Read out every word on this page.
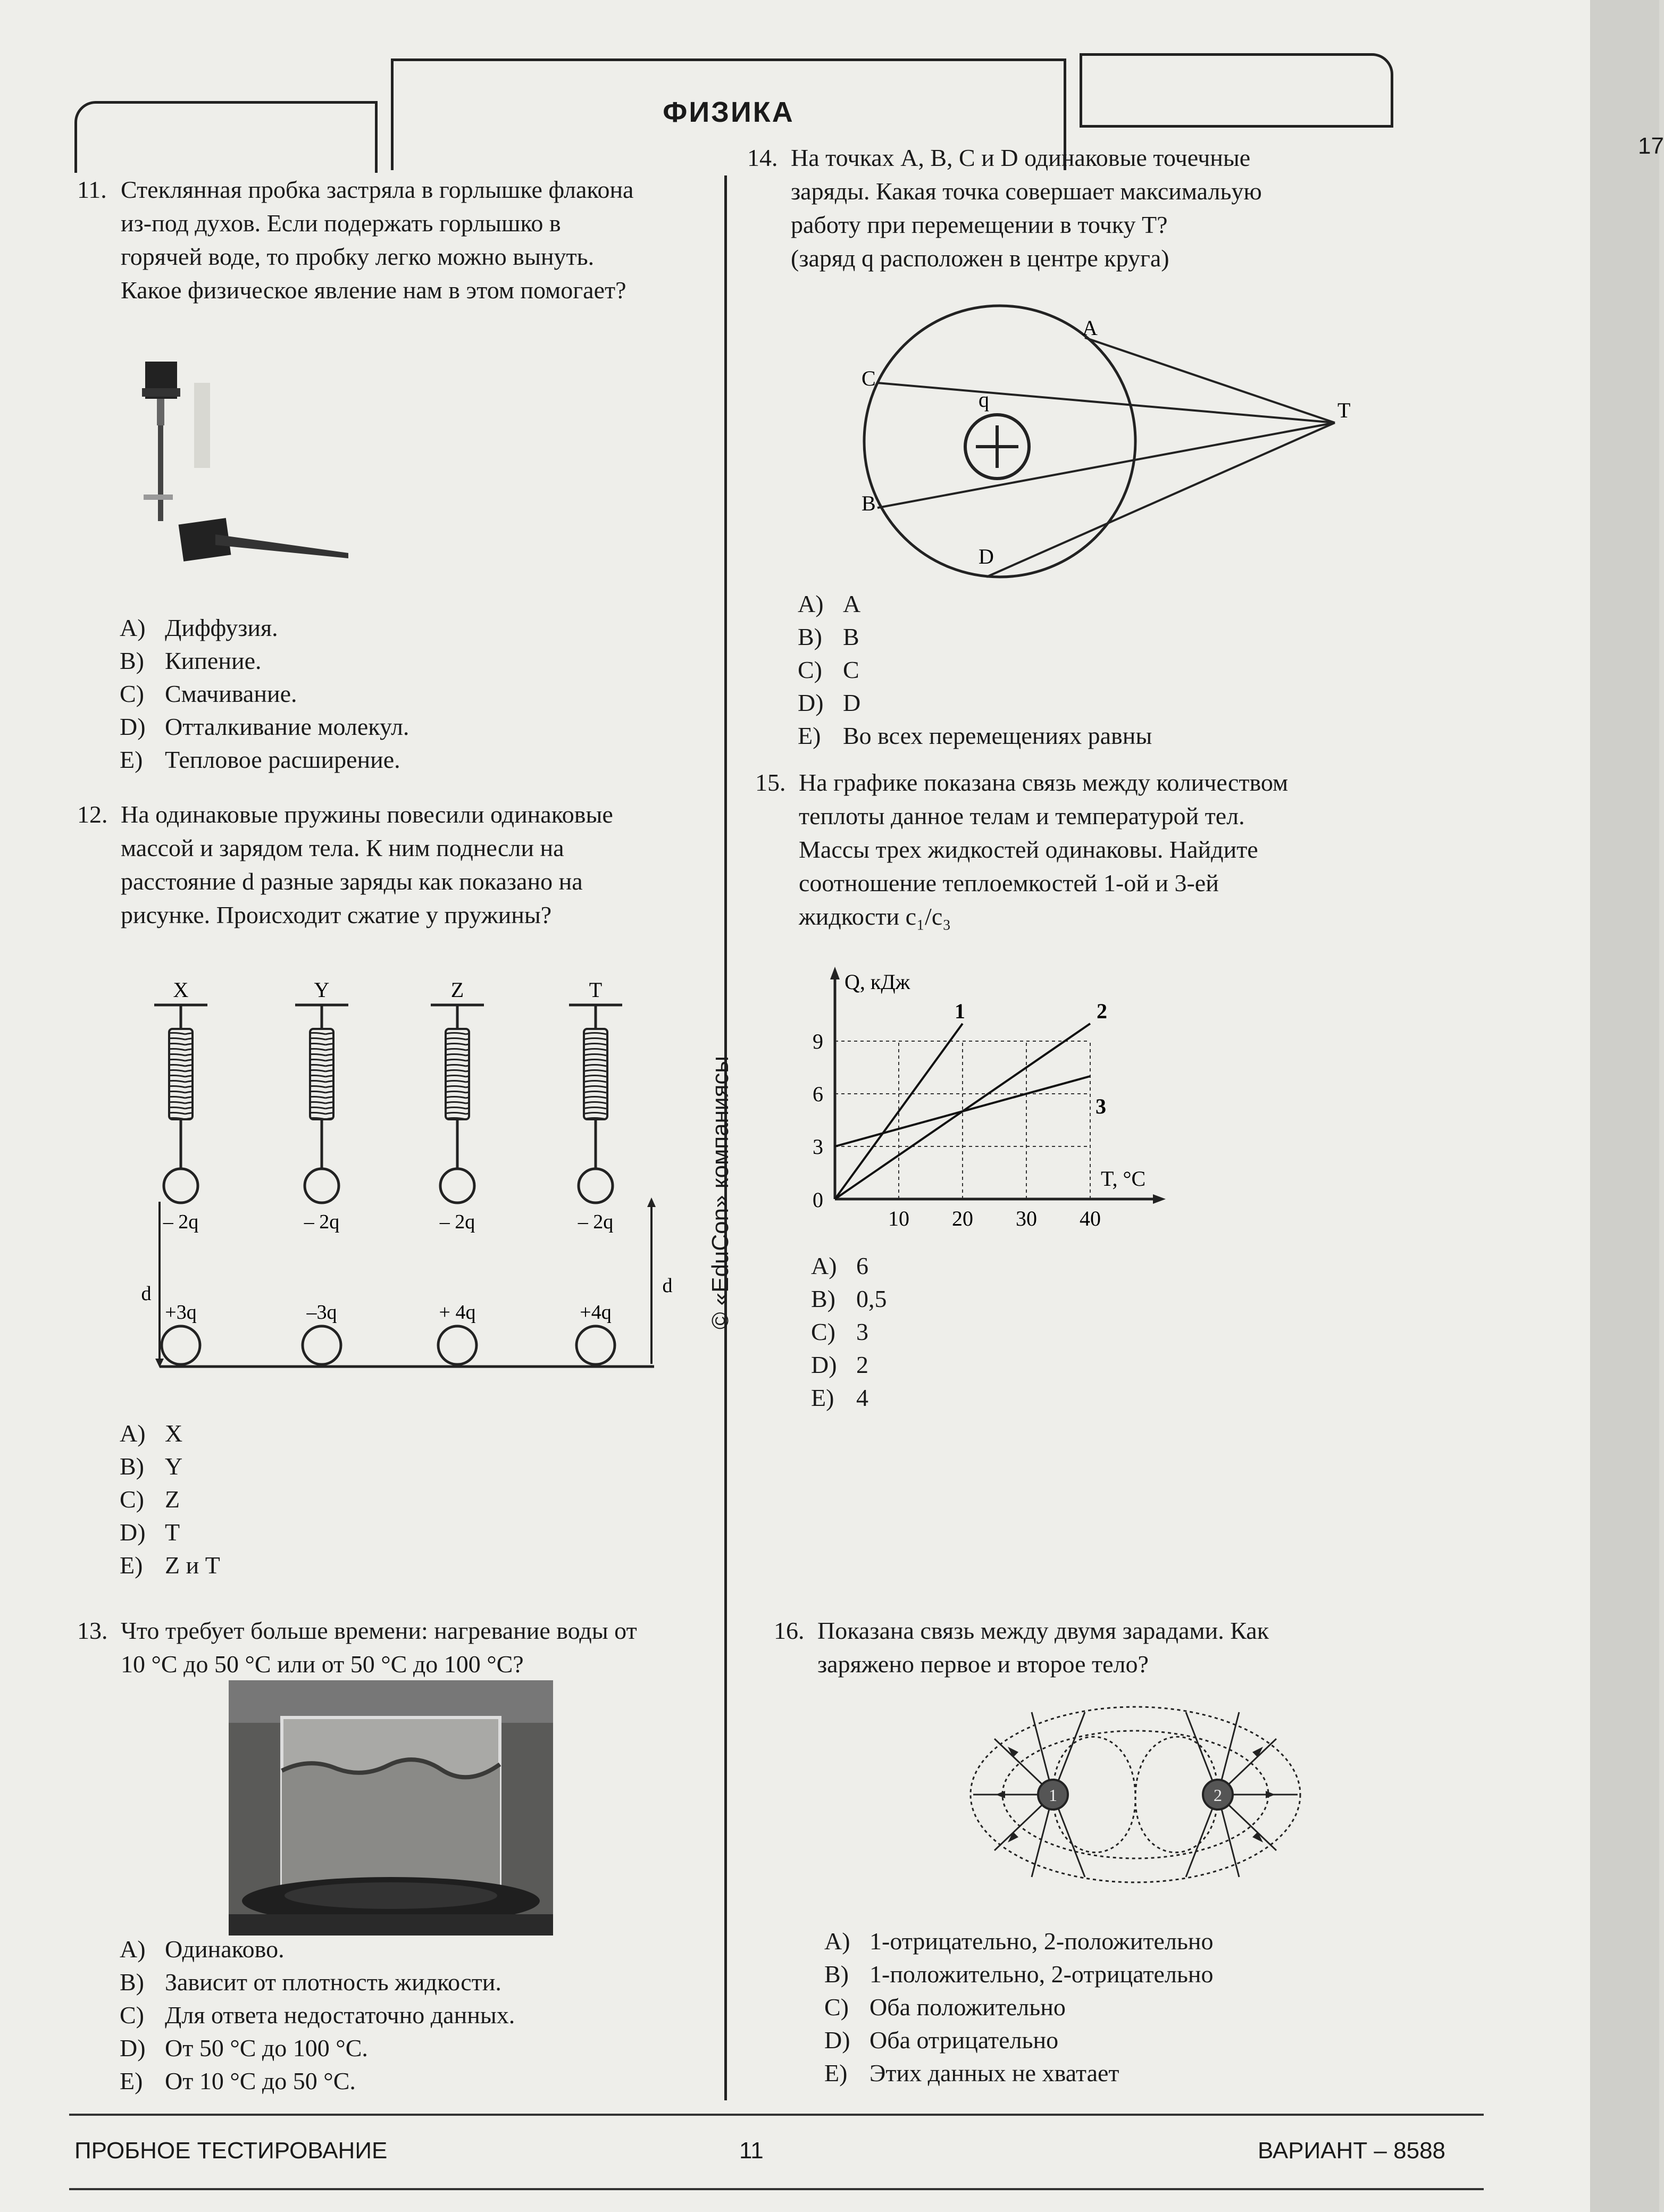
17
ФИЗИКА
© «EduCon» компаниясы
11. Стеклянная пробка застряла в горлышке флакона
из-под духов. Если подержать горлышко в
горячей воде, то пробку легко можно вынуть.
Какое физическое явление нам в этом помогает?
A) Диффузия.
B) Кипение.
C) Смачивание.
D) Отталкивание молекул.
E) Тепловое расширение.
12. На одинаковые пружины повесили одинаковые
массой и зарядом тела. К ним поднесли на
расстояние d разные заряды как показано на
рисунке. Происходит сжатие у пружины?
X
– 2q
+3q
Y
– 2q
–3q
Z
– 2q
+ 4q
T
– 2q
+4q
d	d
A) X
B) Y
C) Z
D) T
E) Z и T
13. Что требует больше времени: нагревание воды от
10 °C до 50 °C или от 50 °C до 100 °C?
A) Одинаково.
B) Зависит от плотность жидкости.
C) Для ответа недостаточно данных.
D) От 50 °C до 100 °C.
E) От 10 °C до 50 °C.
14. На точках A, B, C и D одинаковые точечные
заряды. Какая точка совершает максимальую
работу при перемещении в точку T?
(заряд q расположен в центре круга)
q
A
C
B
D
T
A) A
B) B
C) C
D) D
E) Во всех перемещениях равны
15. На графике показана связь между количеством
теплоты данное телам и температурой тел.
Массы трех жидкостей одинаковы. Найдите
соотношение теплоемкостей 1-ой и 3-ей
жидкости c₁/c₃
1	2
3
10 20 30 40
3
6
9
0
Q, кДж
T, °C
A) 6
B) 0,5
C) 3
D) 2
E) 4
16. Показана связь между двумя зарадами. Как
заряжено первое и второе тело?
1	2
A) 1-отрицательно, 2-положительно
B) 1-положительно, 2-отрицательно
C) Оба положительно
D) Оба отрицательно
E) Этих данных не хватает
ПРОБНОЕ ТЕСТИРОВАНИЕ	11	ВАРИАНТ – 8588
